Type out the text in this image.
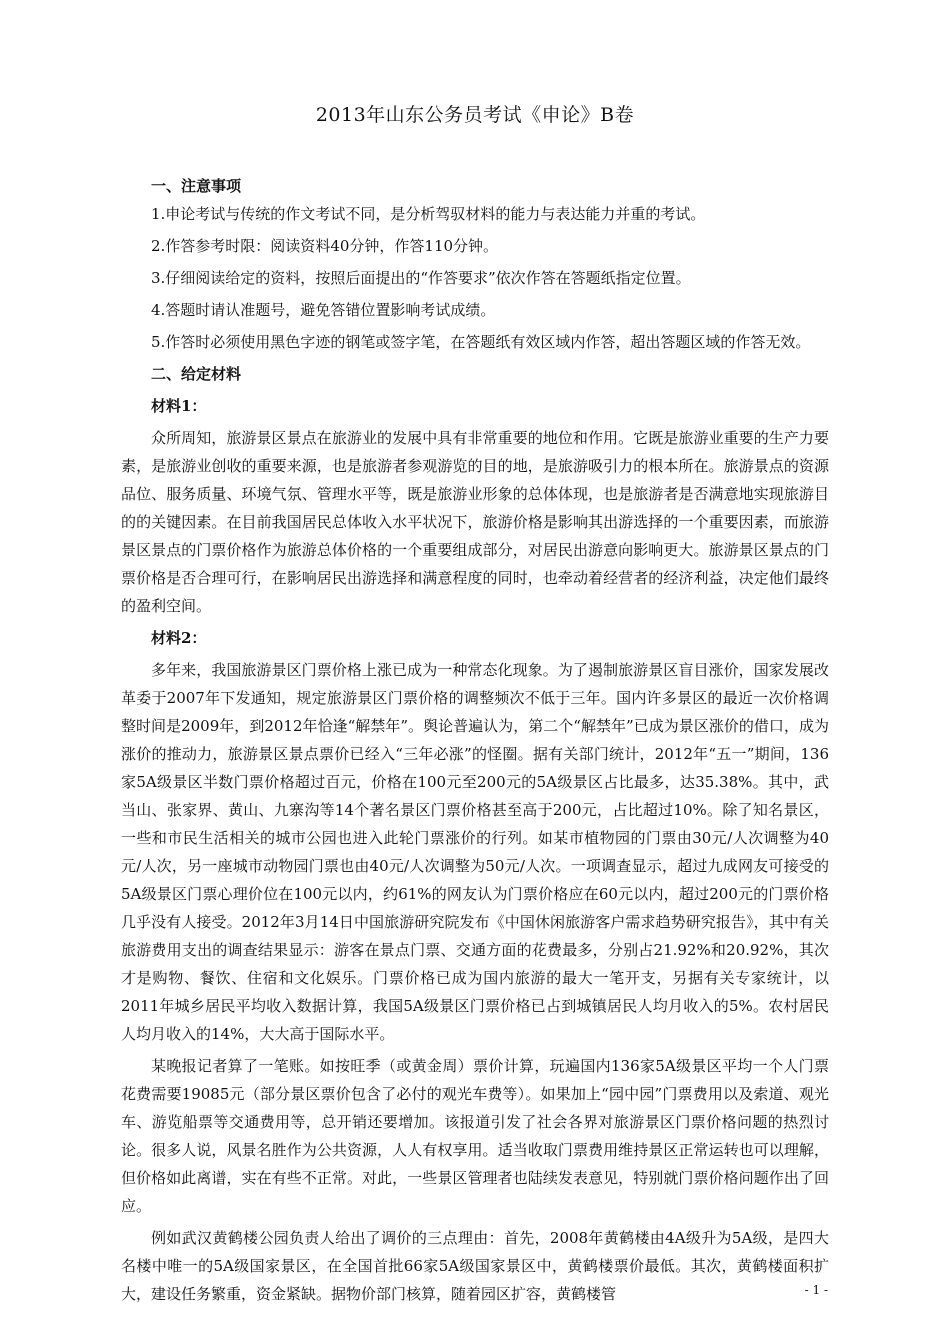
2013年山东公务员考试《申论》B卷
一、注意事项

1.申论考试与传统的作文考试不同，是分析驾驭材料的能力与表达能力并重的考试。

2.作答参考时限：阅读资料40分钟，作答110分钟。

3.仔细阅读给定的资料，按照后面提出的“作答要求”依次作答在答题纸指定位置。

4.答题时请认准题号，避免答错位置影响考试成绩。

5.作答时必须使用黑色字迹的钢笔或签字笔，在答题纸有效区域内作答，超出答题区域的作答无效。

二、给定材料
材料1：

众所周知，旅游景区景点在旅游业的发展中具有非常重要的地位和作用。它既是旅游业重要的生产力要素，是旅游业创收的重要来源，也是旅游者参观游览的目的地，是旅游吸引力的根本所在。旅游景点的资源品位、服务质量、环境气氛、管理水平等，既是旅游业形象的总体体现，也是旅游者是否满意地实现旅游目的的关键因素。在目前我国居民总体收入水平状况下，旅游价格是影响其出游选择的一个重要因素，而旅游景区景点的门票价格作为旅游总体价格的一个重要组成部分，对居民出游意向影响更大。旅游景区景点的门票价格是否合理可行，在影响居民出游选择和满意程度的同时，也牵动着经营者的经济利益，决定他们最终的盈利空间。

材料2：

多年来，我国旅游景区门票价格上涨已成为一种常态化现象。为了遏制旅游景区盲目涨价，国家发展改革委于2007年下发通知，规定旅游景区门票价格的调整频次不低于三年。国内许多景区的最近一次价格调整时间是2009年，到2012年恰逢“解禁年”。舆论普遍认为，第二个“解禁年”已成为景区涨价的借口，成为涨价的推动力，旅游景区景点票价已经入“三年必涨”的怪圈。据有关部门统计，2012年“五一”期间，136家5A级景区半数门票价格超过百元，价格在100元至200元的5A级景区占比最多，达35.38%。其中，武当山、张家界、黄山、九寨沟等14个著名景区门票价格甚至高于200元，占比超过10%。除了知名景区，一些和市民生活相关的城市公园也进入此轮门票涨价的行列。如某市植物园的门票由30元/人次调整为40元/人次，另一座城市动物园门票也由40元/人次调整为50元/人次。一项调查显示，超过九成网友可接受的5A级景区门票心理价位在100元以内，约61%的网友认为门票价格应在60元以内，超过200元的门票价格几乎没有人接受。2012年3月14日中国旅游研究院发布《中国休闲旅游客户需求趋势研究报告》，其中有关旅游费用支出的调查结果显示：游客在景点门票、交通方面的花费最多，分别占21.92%和20.92%，其次才是购物、餐饮、住宿和文化娱乐。门票价格已成为国内旅游的最大一笔开支，另据有关专家统计，以2011年城乡居民平均收入数据计算，我国5A级景区门票价格已占到城镇居民人均月收入的5%。农村居民人均月收入的14%，大大高于国际水平。

某晚报记者算了一笔账。如按旺季（或黄金周）票价计算，玩遍国内136家5A级景区平均一个人门票花费需要19085元（部分景区票价包含了必付的观光车费等）。如果加上“园中园”门票费用以及索道、观光车、游览船票等交通费用等，总开销还要增加。该报道引发了社会各界对旅游景区门票价格问题的热烈讨论。很多人说，风景名胜作为公共资源，人人有权享用。适当收取门票费用维持景区正常运转也可以理解，但价格如此离谱，实在有些不正常。对此，一些景区管理者也陆续发表意见，特别就门票价格问题作出了回应。

例如武汉黄鹤楼公园负责人给出了调价的三点理由：首先，2008年黄鹤楼由4A级升为5A级，是四大名楼中唯一的5A级国家景区，在全国首批66家5A级国家景区中，黄鹤楼票价最低。其次，黄鹤楼面积扩大，建设任务繁重，资金紧缺。据物价部门核算，随着园区扩容，黄鹤楼管	- 1 -
